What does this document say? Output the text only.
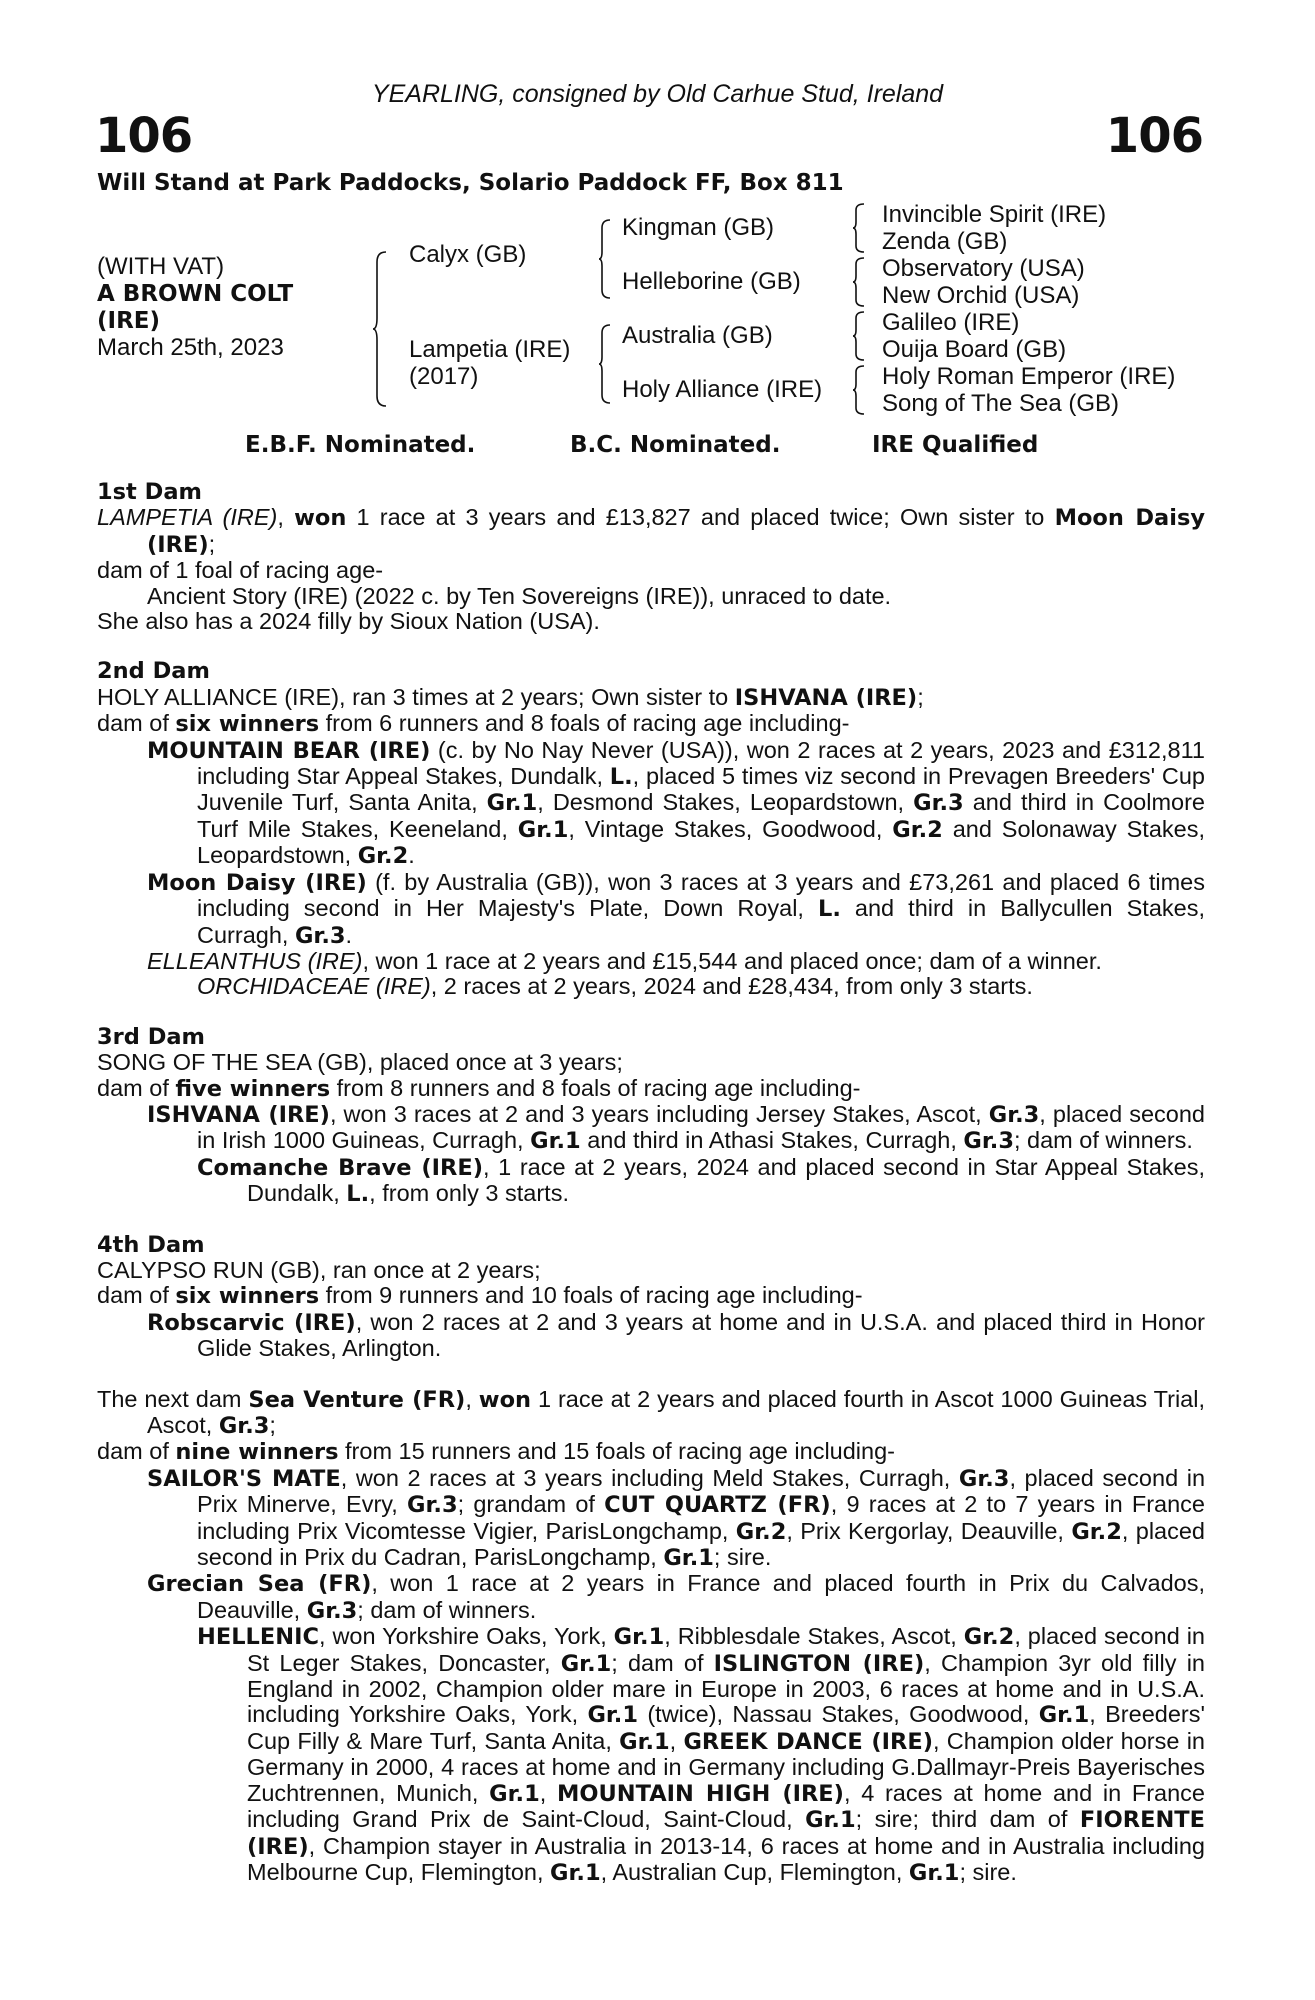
YEARLING, consigned by Old Carhue Stud, Ireland
106	106
Will Stand at Park Paddocks, Solario Paddock FF, Box 811
(WITH VAT)
A BROWN COLT
(IRE)
March 25th, 2023
Calyx (GB)
Lampetia (IRE)
(2017)
Kingman (GB)
Helleborine (GB)
Australia (GB)
Holy Alliance (IRE)
Invincible Spirit (IRE)
Zenda (GB)
Observatory (USA)
New Orchid (USA)
Galileo (IRE)
Ouija Board (GB)
Holy Roman Emperor (IRE)
Song of The Sea (GB)
E.B.F. Nominated.	B.C. Nominated.	IRE Qualified
1st Dam

LAMPETIA (IRE), won 1 race at 3 years and £13,827 and placed twice; Own sister to Moon Daisy (IRE);

dam of 1 foal of racing age-

Ancient Story (IRE) (2022 c. by Ten Sovereigns (IRE)), unraced to date.

She also has a 2024 filly by Sioux Nation (USA).

2nd Dam

HOLY ALLIANCE (IRE), ran 3 times at 2 years; Own sister to ISHVANA (IRE);

dam of six winners from 6 runners and 8 foals of racing age including-

MOUNTAIN BEAR (IRE) (c. by No Nay Never (USA)), won 2 races at 2 years, 2023 and £312,811 including Star Appeal Stakes, Dundalk, L., placed 5 times viz second in Prevagen Breeders' Cup Juvenile Turf, Santa Anita, Gr.1, Desmond Stakes, Leopardstown, Gr.3 and third in Coolmore Turf Mile Stakes, Keeneland, Gr.1, Vintage Stakes, Goodwood, Gr.2 and Solonaway Stakes, Leopardstown, Gr.2.

Moon Daisy (IRE) (f. by Australia (GB)), won 3 races at 3 years and £73,261 and placed 6 times including second in Her Majesty's Plate, Down Royal, L. and third in Ballycullen Stakes, Curragh, Gr.3.

ELLEANTHUS (IRE), won 1 race at 2 years and £15,544 and placed once; dam of a winner.

ORCHIDACEAE (IRE), 2 races at 2 years, 2024 and £28,434, from only 3 starts.

3rd Dam

SONG OF THE SEA (GB), placed once at 3 years;

dam of five winners from 8 runners and 8 foals of racing age including-

ISHVANA (IRE), won 3 races at 2 and 3 years including Jersey Stakes, Ascot, Gr.3, placed second in Irish 1000 Guineas, Curragh, Gr.1 and third in Athasi Stakes, Curragh, Gr.3; dam of winners.

Comanche Brave (IRE), 1 race at 2 years, 2024 and placed second in Star Appeal Stakes, Dundalk, L., from only 3 starts.

4th Dam

CALYPSO RUN (GB), ran once at 2 years;

dam of six winners from 9 runners and 10 foals of racing age including-

Robscarvic (IRE), won 2 races at 2 and 3 years at home and in U.S.A. and placed third in Honor Glide Stakes, Arlington.

The next dam Sea Venture (FR), won 1 race at 2 years and placed fourth in Ascot 1000 Guineas Trial, Ascot, Gr.3;

dam of nine winners from 15 runners and 15 foals of racing age including-

SAILOR'S MATE, won 2 races at 3 years including Meld Stakes, Curragh, Gr.3, placed second in Prix Minerve, Evry, Gr.3; grandam of CUT QUARTZ (FR), 9 races at 2 to 7 years in France including Prix Vicomtesse Vigier, ParisLongchamp, Gr.2, Prix Kergorlay, Deauville, Gr.2, placed second in Prix du Cadran, ParisLongchamp, Gr.1; sire.

Grecian Sea (FR), won 1 race at 2 years in France and placed fourth in Prix du Calvados, Deauville, Gr.3; dam of winners.

HELLENIC, won Yorkshire Oaks, York, Gr.1, Ribblesdale Stakes, Ascot, Gr.2, placed second in St Leger Stakes, Doncaster, Gr.1; dam of ISLINGTON (IRE), Champion 3yr old filly in England in 2002, Champion older mare in Europe in 2003, 6 races at home and in U.S.A. including Yorkshire Oaks, York, Gr.1 (twice), Nassau Stakes, Goodwood, Gr.1, Breeders' Cup Filly & Mare Turf, Santa Anita, Gr.1, GREEK DANCE (IRE), Champion older horse in Germany in 2000, 4 races at home and in Germany including G.Dallmayr-Preis Bayerisches Zuchtrennen, Munich, Gr.1, MOUNTAIN HIGH (IRE), 4 races at home and in France including Grand Prix de Saint-Cloud, Saint-Cloud, Gr.1; sire; third dam of FIORENTE (IRE), Champion stayer in Australia in 2013-14, 6 races at home and in Australia including Melbourne Cup, Flemington, Gr.1, Australian Cup, Flemington, Gr.1; sire.
